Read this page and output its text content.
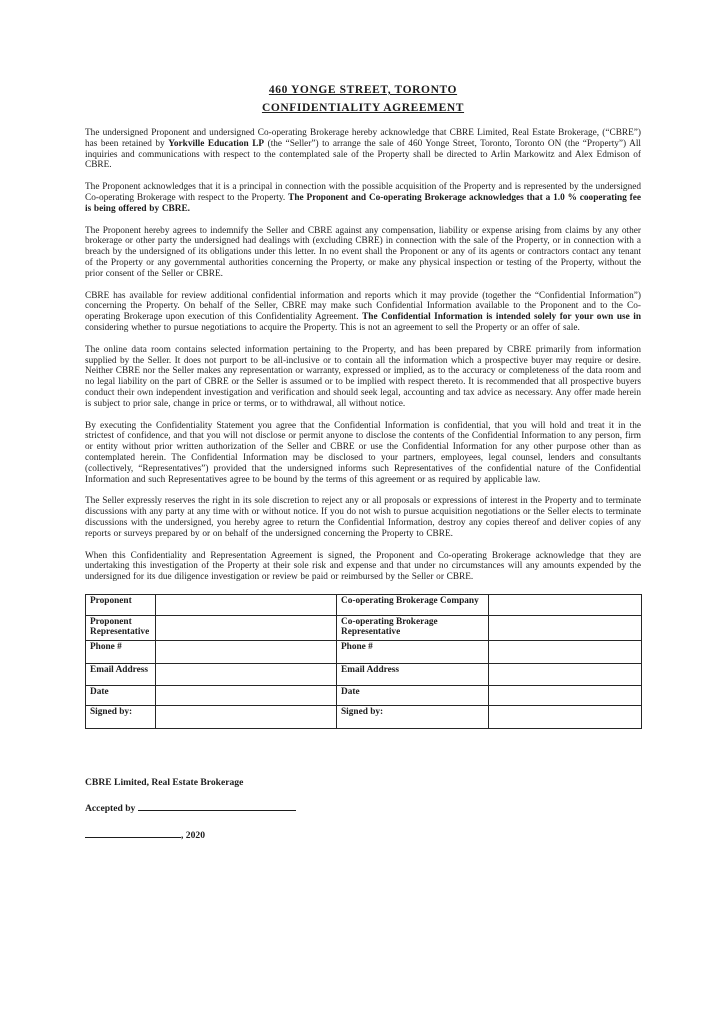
460 YONGE STREET, TORONTO
CONFIDENTIALITY AGREEMENT

The undersigned Proponent and undersigned Co-operating Brokerage hereby acknowledge that CBRE Limited, Real Estate Brokerage, (“CBRE”) has been retained by Yorkville Education LP (the “Seller”) to arrange the sale of 460 Yonge Street, Toronto, Toronto ON (the “Property”) All inquiries and communications with respect to the contemplated sale of the Property shall be directed to Arlin Markowitz and Alex Edmison of CBRE.

The Proponent acknowledges that it is a principal in connection with the possible acquisition of the Property and is represented by the undersigned Co-operating Brokerage with respect to the Property. The Proponent and Co-operating Brokerage acknowledges that a 1.0 % cooperating fee is being offered by CBRE.

The Proponent hereby agrees to indemnify the Seller and CBRE against any compensation, liability or expense arising from claims by any other brokerage or other party the undersigned had dealings with (excluding CBRE) in connection with the sale of the Property, or in connection with a breach by the undersigned of its obligations under this letter. In no event shall the Proponent or any of its agents or contractors contact any tenant of the Property or any governmental authorities concerning the Property, or make any physical inspection or testing of the Property, without the prior consent of the Seller or CBRE.

CBRE has available for review additional confidential information and reports which it may provide (together the “Confidential Information”) concerning the Property. On behalf of the Seller, CBRE may make such Confidential Information available to the Proponent and to the Co-operating Brokerage upon execution of this Confidentiality Agreement. The Confidential Information is intended solely for your own use in considering whether to pursue negotiations to acquire the Property. This is not an agreement to sell the Property or an offer of sale.

The online data room contains selected information pertaining to the Property, and has been prepared by CBRE primarily from information supplied by the Seller. It does not purport to be all-inclusive or to contain all the information which a prospective buyer may require or desire. Neither CBRE nor the Seller makes any representation or warranty, expressed or implied, as to the accuracy or completeness of the data room and no legal liability on the part of CBRE or the Seller is assumed or to be implied with respect thereto. It is recommended that all prospective buyers conduct their own independent investigation and verification and should seek legal, accounting and tax advice as necessary. Any offer made herein is subject to prior sale, change in price or terms, or to withdrawal, all without notice.

By executing the Confidentiality Statement you agree that the Confidential Information is confidential, that you will hold and treat it in the strictest of confidence, and that you will not disclose or permit anyone to disclose the contents of the Confidential Information to any person, firm or entity without prior written authorization of the Seller and CBRE or use the Confidential Information for any other purpose other than as contemplated herein. The Confidential Information may be disclosed to your partners, employees, legal counsel, lenders and consultants (collectively, “Representatives”) provided that the undersigned informs such Representatives of the confidential nature of the Confidential Information and such Representatives agree to be bound by the terms of this agreement or as required by applicable law.

The Seller expressly reserves the right in its sole discretion to reject any or all proposals or expressions of interest in the Property and to terminate discussions with any party at any time with or without notice. If you do not wish to pursue acquisition negotiations or the Seller elects to terminate discussions with the undersigned, you hereby agree to return the Confidential Information, destroy any copies thereof and deliver copies of any reports or surveys prepared by or on behalf of the undersigned concerning the Property to CBRE.

When this Confidentiality and Representation Agreement is signed, the Proponent and Co-operating Brokerage acknowledge that they are undertaking this investigation of the Property at their sole risk and expense and that under no circumstances will any amounts expended by the undersigned for its due diligence investigation or review be paid or reimbursed by the Seller or CBRE.

Proponent		Co-operating Brokerage Company	
Proponent Representative		Co-operating Brokerage Representative	
Phone #		Phone #	
Email Address		Email Address	
Date		Date	
Signed by:		Signed by:	
CBRE Limited, Real Estate Brokerage
Accepted by
, 2020
